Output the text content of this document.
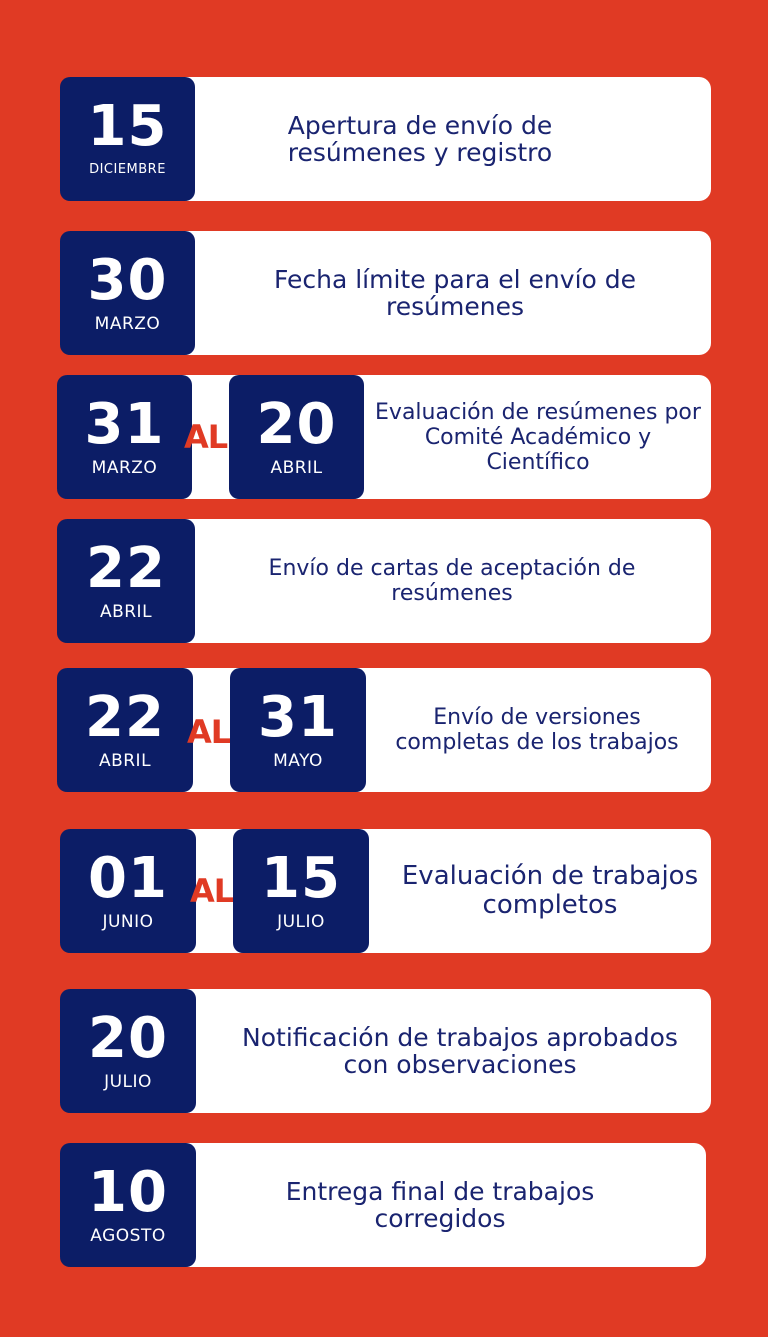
15
DICIEMBRE
Apertura de envío de resúmenes y registro
30
MARZO
Fecha límite para el envío de resúmenes
31
MARZO
AL 20
ABRIL
Evaluación de resúmenes por Comité Académico y Científico
22
ABRIL
Envío de cartas de aceptación de resúmenes
22
ABRIL
AL 31
MAYO
Envío de versiones completas de los trabajos
01
JUNIO
AL 15
JULIO
Evaluación de trabajos completos
20
JULIO
Notificación de trabajos aprobados con observaciones
10
AGOSTO
Entrega final de trabajos corregidos
